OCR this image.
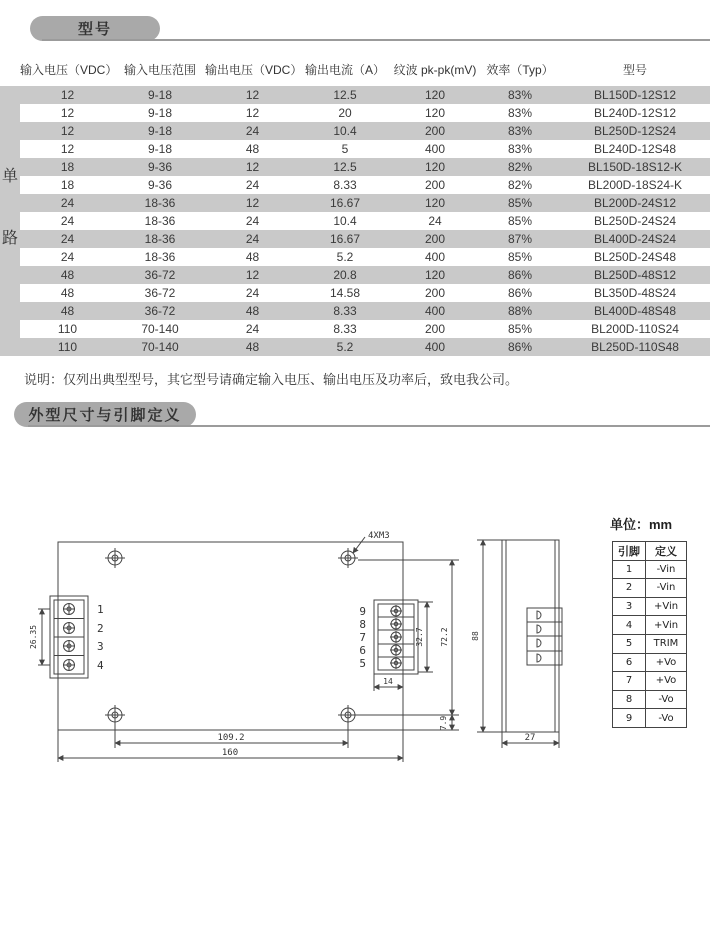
型号
输入电压（VDC）	输入电压范围	输出电压（VDC）	输出电流（A）	纹波 pk-pk(mV)	效率（Typ）	型号
12	9-18	12	12.5	120	83%	BL150D-12S12
12	9-18	12	20	120	83%	BL240D-12S12
12	9-18	24	10.4	200	83%	BL250D-12S24
12	9-18	48	5	400	83%	BL240D-12S48
18	9-36	12	12.5	120	82%	BL150D-18S12-K
18	9-36	24	8.33	200	82%	BL200D-18S24-K
24	18-36	12	16.67	120	85%	BL200D-24S12
24	18-36	24	10.4	24	85%	BL250D-24S24
24	18-36	24	16.67	200	87%	BL400D-24S24
24	18-36	48	5.2	400	85%	BL250D-24S48
48	36-72	12	20.8	120	86%	BL250D-48S12
48	36-72	24	14.58	200	86%	BL350D-48S24
48	36-72	48	8.33	400	88%	BL400D-48S48
110	70-140	24	8.33	200	85%	BL200D-110S24
110	70-140	48	5.2	400	86%	BL250D-110S48
单
路
说明：仅列出典型型号，其它型号请确定输入电压、输出电压及功率后，致电我公司。
外型尺寸与引脚定义
4XM3
1
2
3
4
9
8
7
6
5
26.35	32.7 72.2
7.9
14
109.2
160
88
27
单位：mm
引脚	定义
1	-Vin
2	-Vin
3	+Vin
4	+Vin
5	TRIM
6	+Vo
7	+Vo
8	-Vo
9	-Vo
